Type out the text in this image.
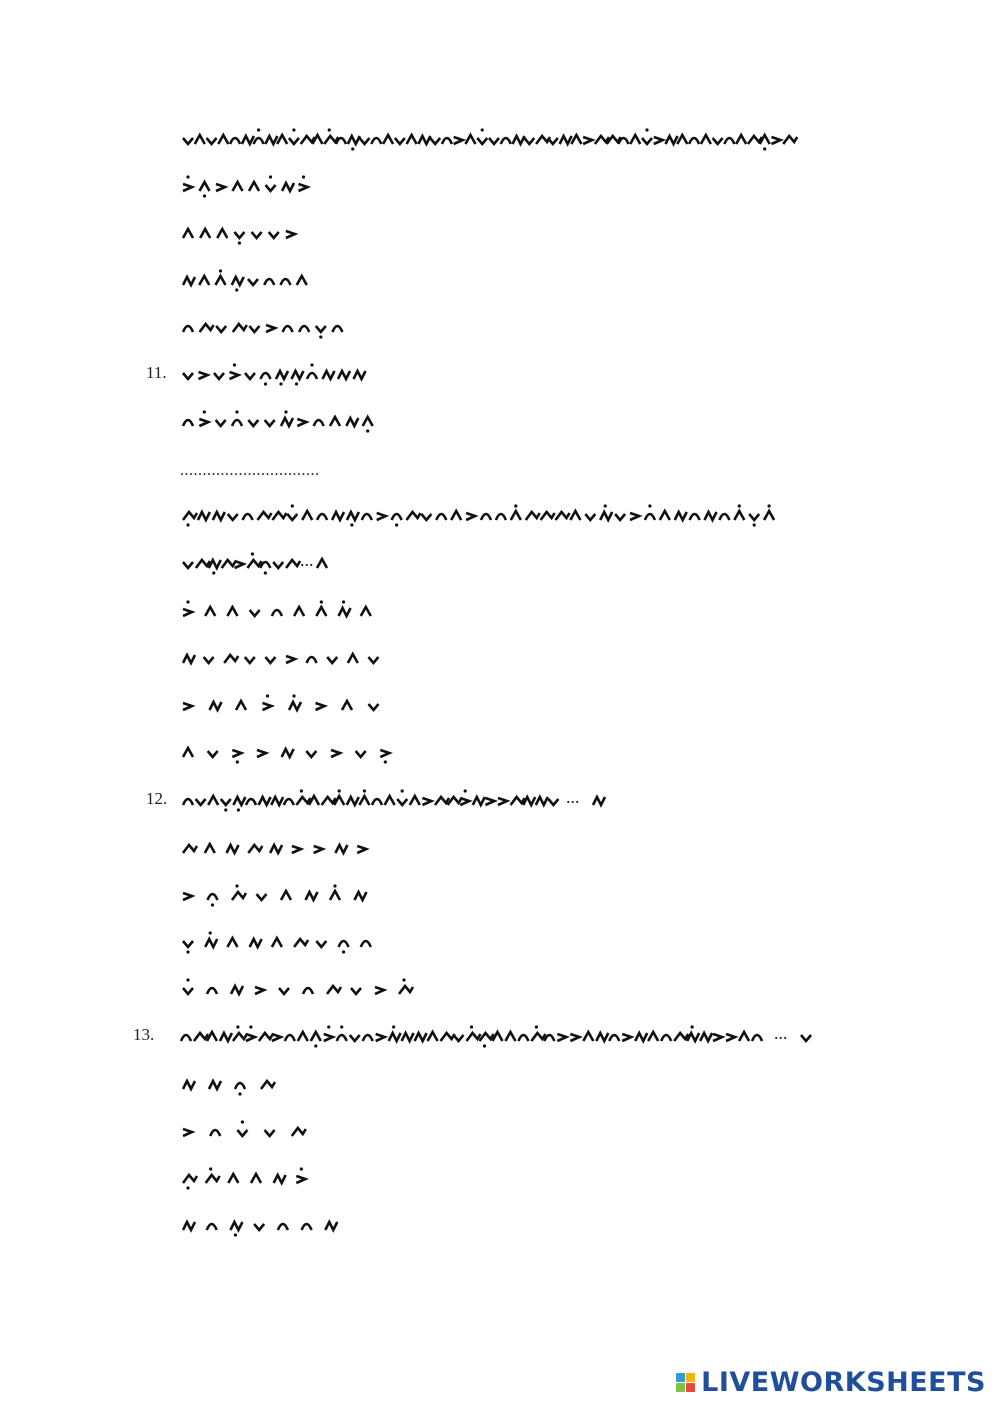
11.
...............................
...
12.	...
13.	...
LIVEWORKSHEETS
